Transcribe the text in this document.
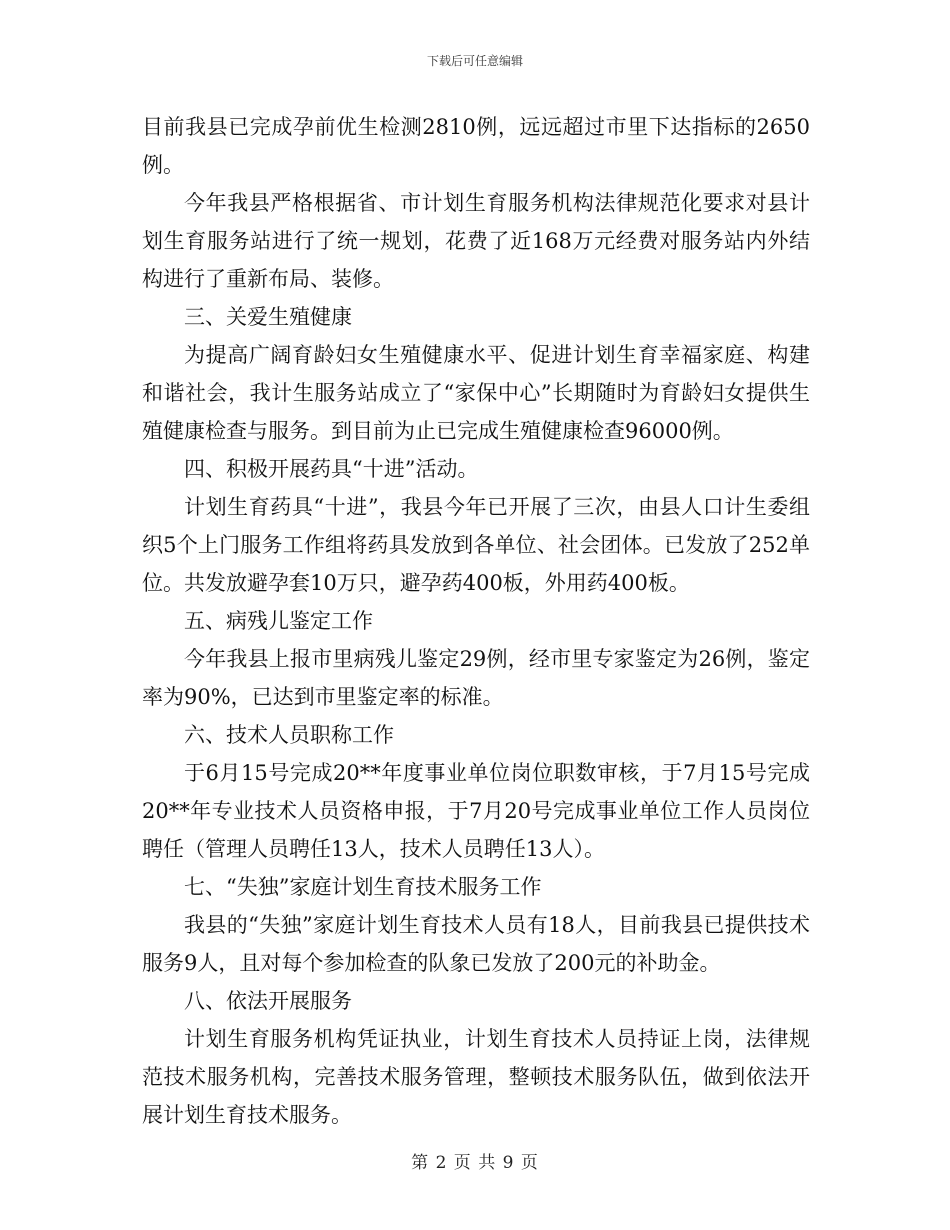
下载后可任意编辑

目前我县已完成孕前优生检测2810例，远远超过市里下达指标的2650例。

今年我县严格根据省、市计划生育服务机构法律规范化要求对县计划生育服务站进行了统一规划，花费了近168万元经费对服务站内外结构进行了重新布局、装修。

三、关爱生殖健康

为提高广阔育龄妇女生殖健康水平、促进计划生育幸福家庭、构建和谐社会，我计生服务站成立了“家保中心”长期随时为育龄妇女提供生殖健康检查与服务。到目前为止已完成生殖健康检查96000例。

四、积极开展药具“十进”活动。

计划生育药具“十进”，我县今年已开展了三次，由县人口计生委组织5个上门服务工作组将药具发放到各单位、社会团体。已发放了252单位。共发放避孕套10万只，避孕药400板，外用药400板。

五、病残儿鉴定工作

今年我县上报市里病残儿鉴定29例，经市里专家鉴定为26例，鉴定率为90%，已达到市里鉴定率的标准。

六、技术人员职称工作

于6月15号完成20**年度事业单位岗位职数审核，于7月15号完成20**年专业技术人员资格申报，于7月20号完成事业单位工作人员岗位聘任（管理人员聘任13人，技术人员聘任13人）。

七、“失独”家庭计划生育技术服务工作

我县的“失独”家庭计划生育技术人员有18人，目前我县已提供技术服务9人，且对每个参加检查的队象已发放了200元的补助金。

八、依法开展服务

计划生育服务机构凭证执业，计划生育技术人员持证上岗，法律规范技术服务机构，完善技术服务管理，整顿技术服务队伍，做到依法开展计划生育技术服务。

第 2 页 共 9 页
